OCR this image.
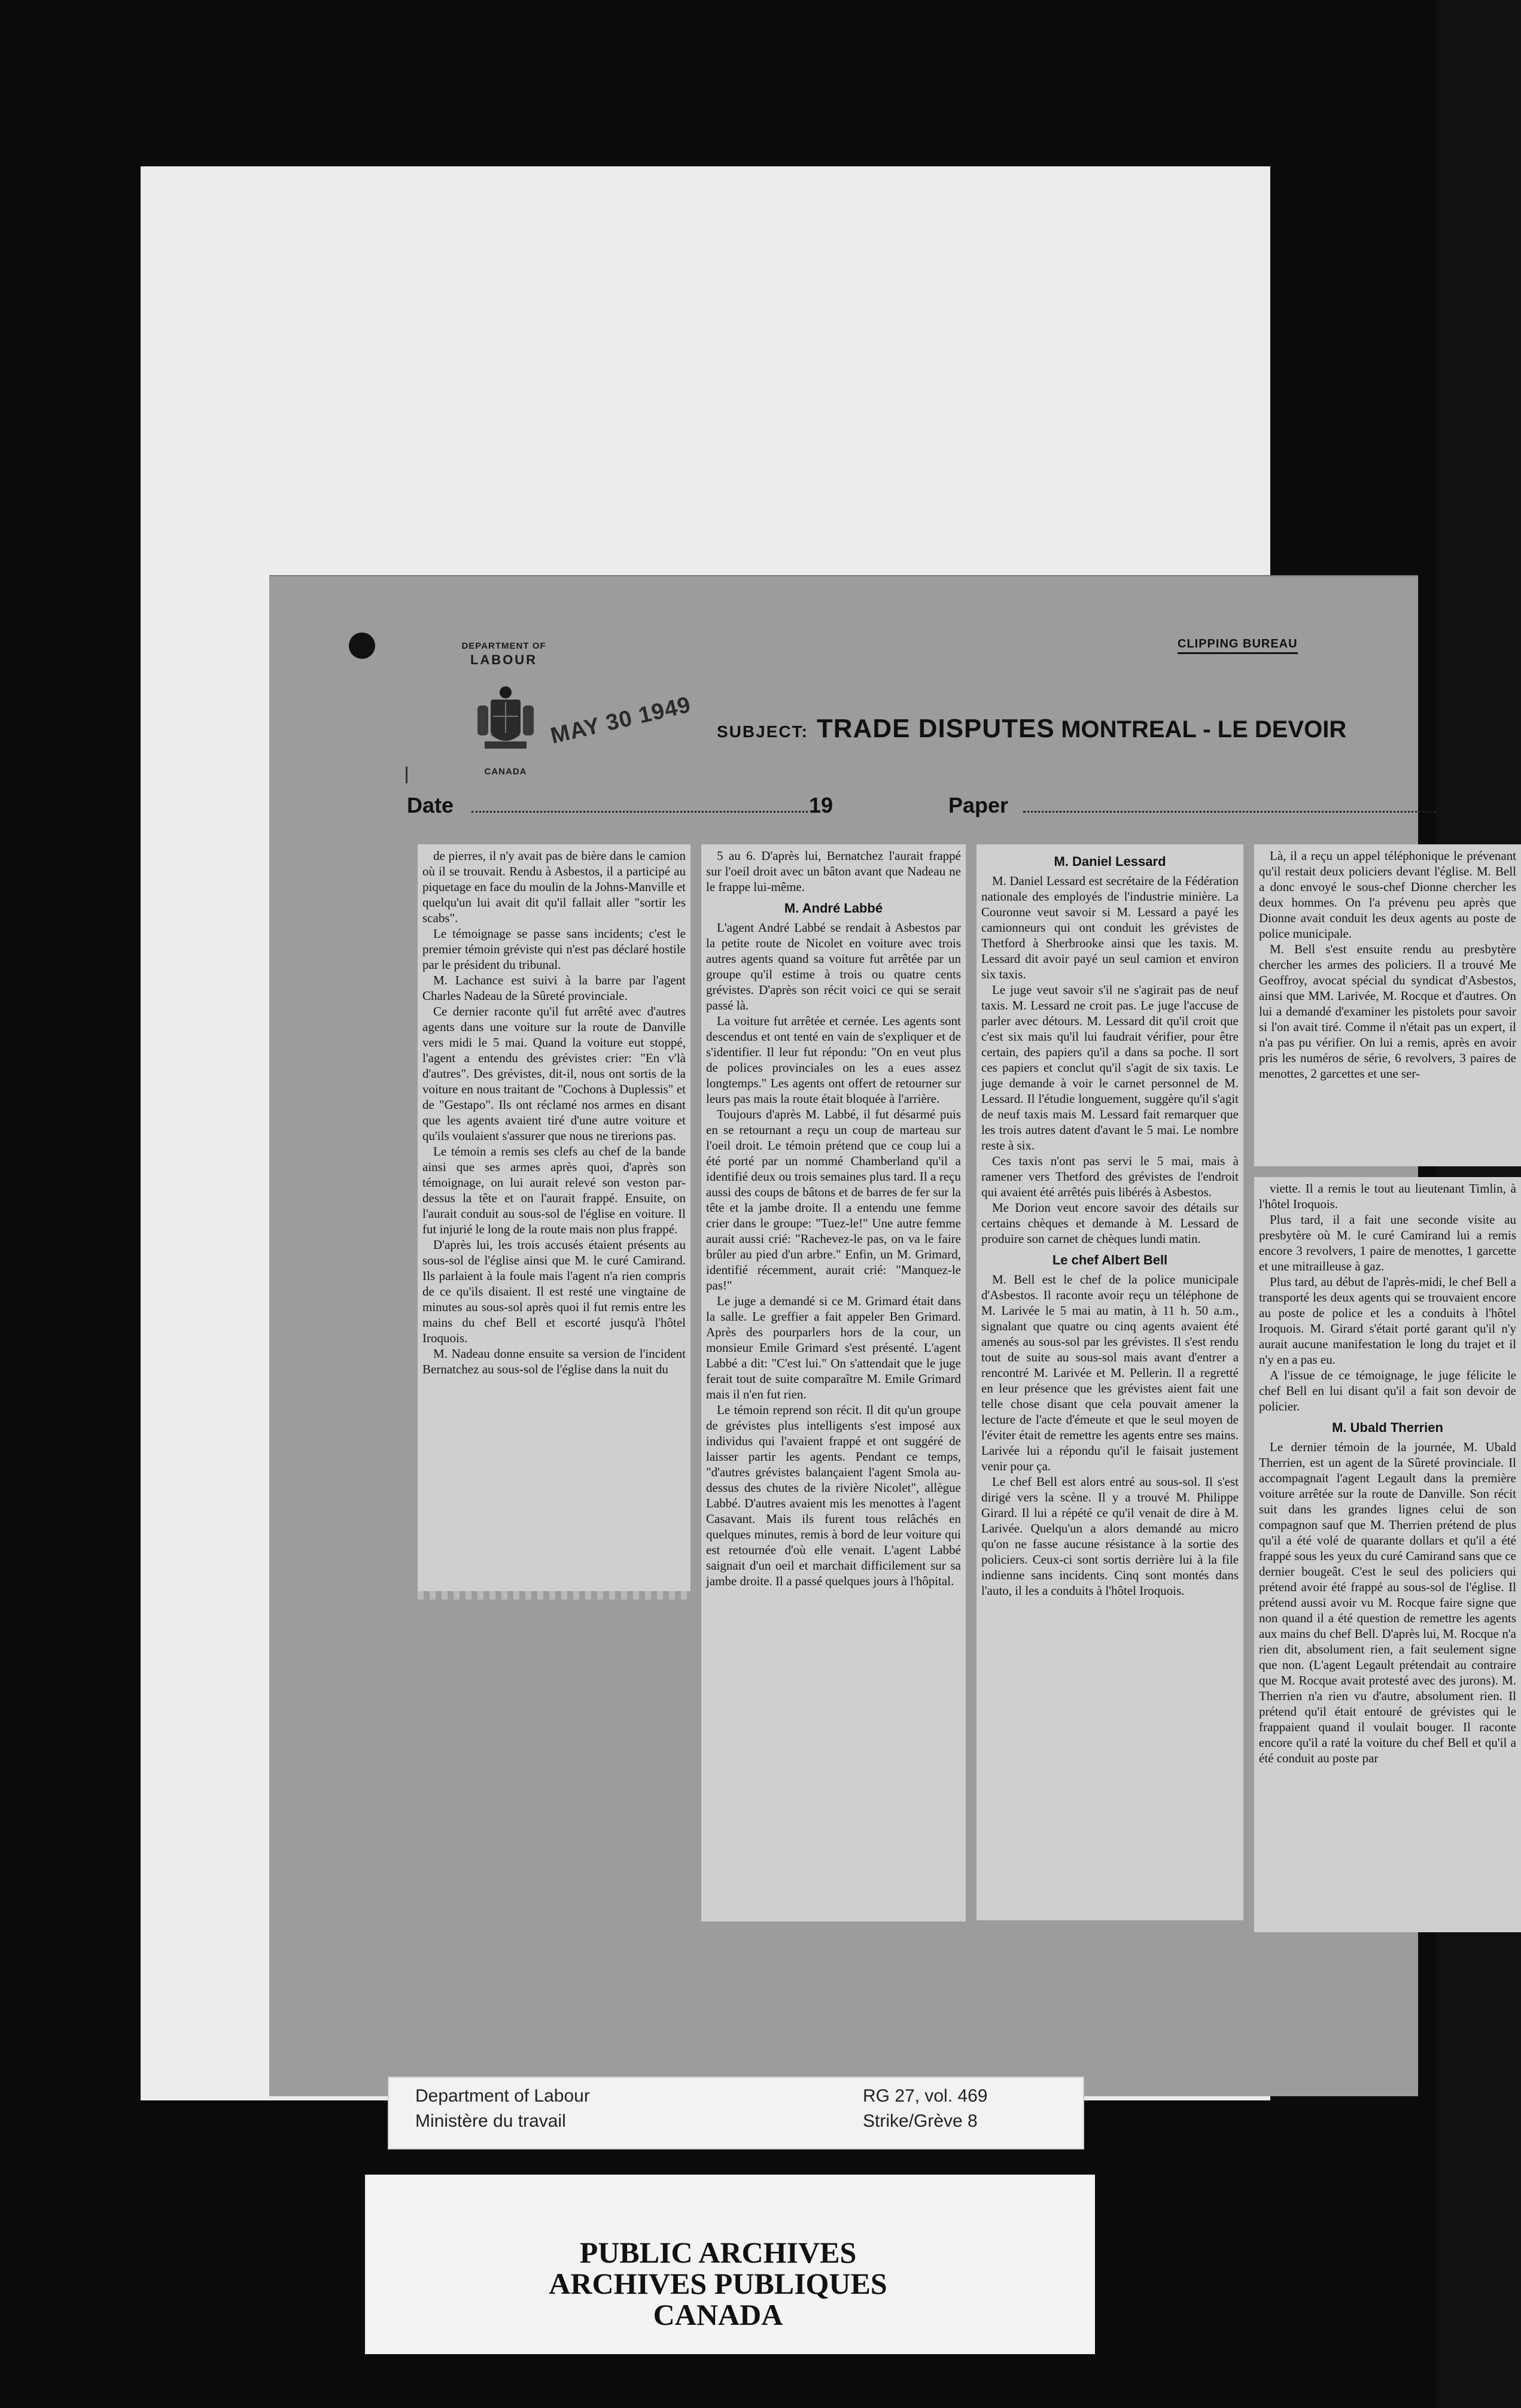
DEPARTMENT OF
LABOUR
CANADA
MAY 30 1949
CLIPPING BUREAU
SUBJECT: TRADE DISPUTES MONTREAL - LE DEVOIR
Date	19	Paper

de pierres, il n'y avait pas de bière dans le camion où il se trouvait. Rendu à Asbestos, il a participé au piquetage en face du moulin de la Johns-Manville et quelqu'un lui avait dit qu'il fallait aller "sortir les scabs".

Le témoignage se passe sans incidents; c'est le premier témoin gréviste qui n'est pas déclaré hostile par le président du tribunal.

M. Lachance est suivi à la barre par l'agent Charles Nadeau de la Sûreté provinciale.

Ce dernier raconte qu'il fut arrêté avec d'autres agents dans une voiture sur la route de Danville vers midi le 5 mai. Quand la voiture eut stoppé, l'agent a entendu des grévistes crier: "En v'là d'autres". Des grévistes, dit-il, nous ont sortis de la voiture en nous traitant de "Cochons à Duplessis" et de "Gestapo". Ils ont réclamé nos armes en disant que les agents avaient tiré d'une autre voiture et qu'ils voulaient s'assurer que nous ne tirerions pas.

Le témoin a remis ses clefs au chef de la bande ainsi que ses armes après quoi, d'après son témoignage, on lui aurait relevé son veston par-dessus la tête et on l'aurait frappé. Ensuite, on l'aurait conduit au sous-sol de l'église en voiture. Il fut injurié le long de la route mais non plus frappé.

D'après lui, les trois accusés étaient présents au sous-sol de l'église ainsi que M. le curé Camirand. Ils parlaient à la foule mais l'agent n'a rien compris de ce qu'ils disaient. Il est resté une vingtaine de minutes au sous-sol après quoi il fut remis entre les mains du chef Bell et escorté jusqu'à l'hôtel Iroquois.

M. Nadeau donne ensuite sa version de l'incident Bernatchez au sous-sol de l'église dans la nuit du

5 au 6. D'après lui, Bernatchez l'aurait frappé sur l'oeil droit avec un bâton avant que Nadeau ne le frappe lui-même.

M. André Labbé

L'agent André Labbé se rendait à Asbestos par la petite route de Nicolet en voiture avec trois autres agents quand sa voiture fut arrêtée par un groupe qu'il estime à trois ou quatre cents grévistes. D'après son récit voici ce qui se serait passé là.

La voiture fut arrêtée et cernée. Les agents sont descendus et ont tenté en vain de s'expliquer et de s'identifier. Il leur fut répondu: "On en veut plus de polices provinciales on les a eues assez longtemps." Les agents ont offert de retourner sur leurs pas mais la route était bloquée à l'arrière.

Toujours d'après M. Labbé, il fut désarmé puis en se retournant a reçu un coup de marteau sur l'oeil droit. Le témoin prétend que ce coup lui a été porté par un nommé Chamberland qu'il a identifié deux ou trois semaines plus tard. Il a reçu aussi des coups de bâtons et de barres de fer sur la tête et la jambe droite. Il a entendu une femme crier dans le groupe: "Tuez-le!" Une autre femme aurait aussi crié: "Rachevez-le pas, on va le faire brûler au pied d'un arbre." Enfin, un M. Grimard, identifié récemment, aurait crié: "Manquez-le pas!"

Le juge a demandé si ce M. Grimard était dans la salle. Le greffier a fait appeler Ben Grimard. Après des pourparlers hors de la cour, un monsieur Emile Grimard s'est présenté. L'agent Labbé a dit: "C'est lui." On s'attendait que le juge ferait tout de suite comparaître M. Emile Grimard mais il n'en fut rien.

Le témoin reprend son récit. Il dit qu'un groupe de grévistes plus intelligents s'est imposé aux individus qui l'avaient frappé et ont suggéré de laisser partir les agents. Pendant ce temps, "d'autres grévistes balançaient l'agent Smola au-dessus des chutes de la rivière Nicolet", allègue Labbé. D'autres avaient mis les menottes à l'agent Casavant. Mais ils furent tous relâchés en quelques minutes, remis à bord de leur voiture qui est retournée d'où elle venait. L'agent Labbé saignait d'un oeil et marchait difficilement sur sa jambe droite. Il a passé quelques jours à l'hôpital.

M. Daniel Lessard

M. Daniel Lessard est secrétaire de la Fédération nationale des employés de l'industrie minière. La Couronne veut savoir si M. Lessard a payé les camionneurs qui ont conduit les grévistes de Thetford à Sherbrooke ainsi que les taxis. M. Lessard dit avoir payé un seul camion et environ six taxis.

Le juge veut savoir s'il ne s'agirait pas de neuf taxis. M. Lessard ne croit pas. Le juge l'accuse de parler avec détours. M. Lessard dit qu'il croit que c'est six mais qu'il lui faudrait vérifier, pour être certain, des papiers qu'il a dans sa poche. Il sort ces papiers et conclut qu'il s'agit de six taxis. Le juge demande à voir le carnet personnel de M. Lessard. Il l'étudie longuement, suggère qu'il s'agit de neuf taxis mais M. Lessard fait remarquer que les trois autres datent d'avant le 5 mai. Le nombre reste à six.

Ces taxis n'ont pas servi le 5 mai, mais à ramener vers Thetford des grévistes de l'endroit qui avaient été arrêtés puis libérés à Asbestos.

Me Dorion veut encore savoir des détails sur certains chèques et demande à M. Lessard de produire son carnet de chèques lundi matin.

Le chef Albert Bell

M. Bell est le chef de la police municipale d'Asbestos. Il raconte avoir reçu un téléphone de M. Larivée le 5 mai au matin, à 11 h. 50 a.m., signalant que quatre ou cinq agents avaient été amenés au sous-sol par les grévistes. Il s'est rendu tout de suite au sous-sol mais avant d'entrer a rencontré M. Larivée et M. Pellerin. Il a regretté en leur présence que les grévistes aient fait une telle chose disant que cela pouvait amener la lecture de l'acte d'émeute et que le seul moyen de l'éviter était de remettre les agents entre ses mains. Larivée lui a répondu qu'il le faisait justement venir pour ça.

Le chef Bell est alors entré au sous-sol. Il s'est dirigé vers la scène. Il y a trouvé M. Philippe Girard. Il lui a répété ce qu'il venait de dire à M. Larivée. Quelqu'un a alors demandé au micro qu'on ne fasse aucune résistance à la sortie des policiers. Ceux-ci sont sortis derrière lui à la file indienne sans incidents. Cinq sont montés dans l'auto, il les a conduits à l'hôtel Iroquois.

Là, il a reçu un appel téléphonique le prévenant qu'il restait deux policiers devant l'église. M. Bell a donc envoyé le sous-chef Dionne chercher les deux hommes. On l'a prévenu peu après que Dionne avait conduit les deux agents au poste de police municipale.

M. Bell s'est ensuite rendu au presbytère chercher les armes des policiers. Il a trouvé Me Geoffroy, avocat spécial du syndicat d'Asbestos, ainsi que MM. Larivée, M. Rocque et d'autres. On lui a demandé d'examiner les pistolets pour savoir si l'on avait tiré. Comme il n'était pas un expert, il n'a pas pu vérifier. On lui a remis, après en avoir pris les numéros de série, 6 revolvers, 3 paires de menottes, 2 garcettes et une ser-

viette. Il a remis le tout au lieutenant Timlin, à l'hôtel Iroquois.

Plus tard, il a fait une seconde visite au presbytère où M. le curé Camirand lui a remis encore 3 revolvers, 1 paire de menottes, 1 garcette et une mitrailleuse à gaz.

Plus tard, au début de l'après-midi, le chef Bell a transporté les deux agents qui se trouvaient encore au poste de police et les a conduits à l'hôtel Iroquois. M. Girard s'était porté garant qu'il n'y aurait aucune manifestation le long du trajet et il n'y en a pas eu.

A l'issue de ce témoignage, le juge félicite le chef Bell en lui disant qu'il a fait son devoir de policier.

M. Ubald Therrien

Le dernier témoin de la journée, M. Ubald Therrien, est un agent de la Sûreté provinciale. Il accompagnait l'agent Legault dans la première voiture arrêtée sur la route de Danville. Son récit suit dans les grandes lignes celui de son compagnon sauf que M. Therrien prétend de plus qu'il a été volé de quarante dollars et qu'il a été frappé sous les yeux du curé Camirand sans que ce dernier bougeât. C'est le seul des policiers qui prétend avoir été frappé au sous-sol de l'église. Il prétend aussi avoir vu M. Rocque faire signe que non quand il a été question de remettre les agents aux mains du chef Bell. D'après lui, M. Rocque n'a rien dit, absolument rien, a fait seulement signe que non. (L'agent Legault prétendait au contraire que M. Rocque avait protesté avec des jurons). M. Therrien n'a rien vu d'autre, absolument rien. Il prétend qu'il était entouré de grévistes qui le frappaient quand il voulait bouger. Il raconte encore qu'il a raté la voiture du chef Bell et qu'il a été conduit au poste par

Department of Labour
Ministère du travail
RG 27, vol. 469
Strike/Grève 8
PUBLIC ARCHIVES
ARCHIVES PUBLIQUES
CANADA
